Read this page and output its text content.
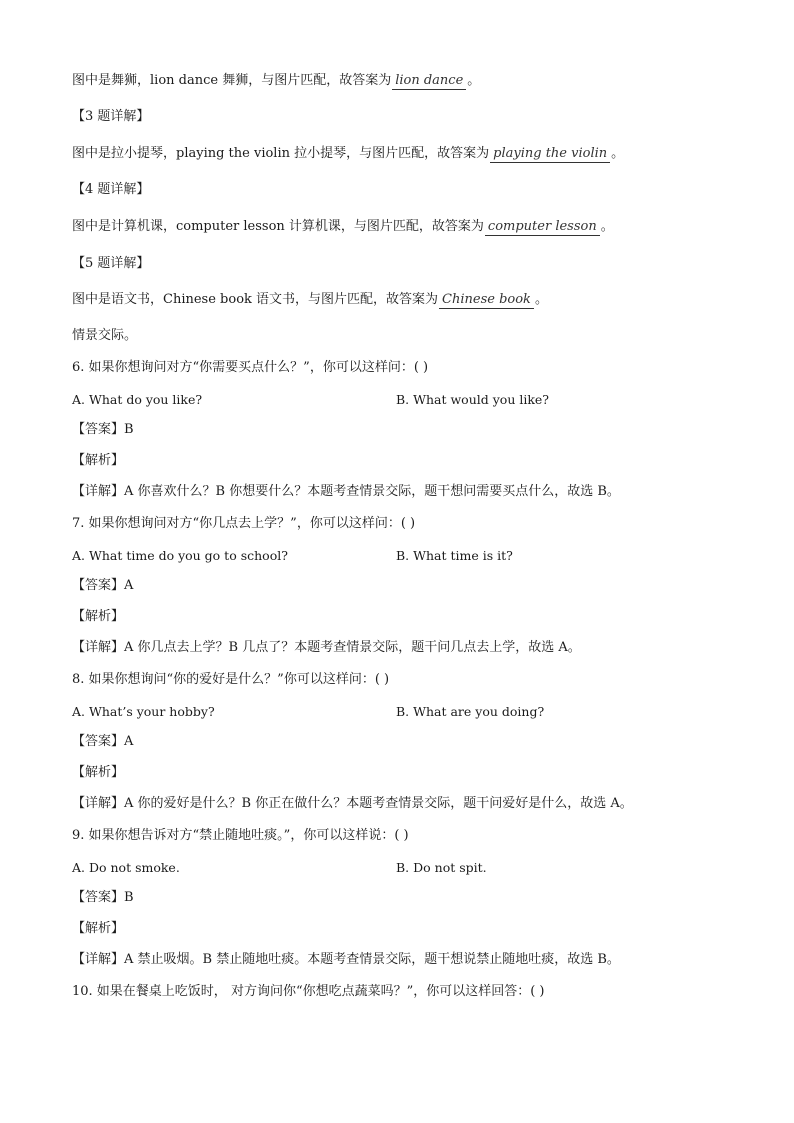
图中是舞狮，lion dance 舞狮，与图片匹配，故答案为 lion dance 。
【3 题详解】
图中是拉小提琴，playing the violin 拉小提琴，与图片匹配，故答案为 playing the violin 。
【4 题详解】
图中是计算机课，computer lesson 计算机课，与图片匹配，故答案为 computer lesson 。
【5 题详解】
图中是语文书，Chinese book 语文书，与图片匹配，故答案为 Chinese book 。
情景交际。
6. 如果你想询问对方“你需要买点什么？”，你可以这样问：( )
A. What do you like?	B. What would you like?
【答案】B
【解析】
【详解】A 你喜欢什么？B 你想要什么？本题考查情景交际，题干想问需要买点什么，故选 B。
7. 如果你想询问对方“你几点去上学？”，你可以这样问：( )
A. What time do you go to school?	B. What time is it?
【答案】A
【解析】
【详解】A 你几点去上学？B 几点了？本题考查情景交际，题干问几点去上学，故选 A。
8. 如果你想询问“你的爱好是什么？”你可以这样问：( )
A. What’s your hobby?	B. What are you doing?
【答案】A
【解析】
【详解】A 你的爱好是什么？B 你正在做什么？本题考查情景交际，题干问爱好是什么，故选 A。
9. 如果你想告诉对方“禁止随地吐痰。”，你可以这样说：( )
A. Do not smoke.	B. Do not spit.
【答案】B
【解析】
【详解】A 禁止吸烟。B 禁止随地吐痰。本题考查情景交际，题干想说禁止随地吐痰，故选 B。
10. 如果在餐桌上吃饭时， 对方询问你“你想吃点蔬菜吗？”，你可以这样回答：( )
